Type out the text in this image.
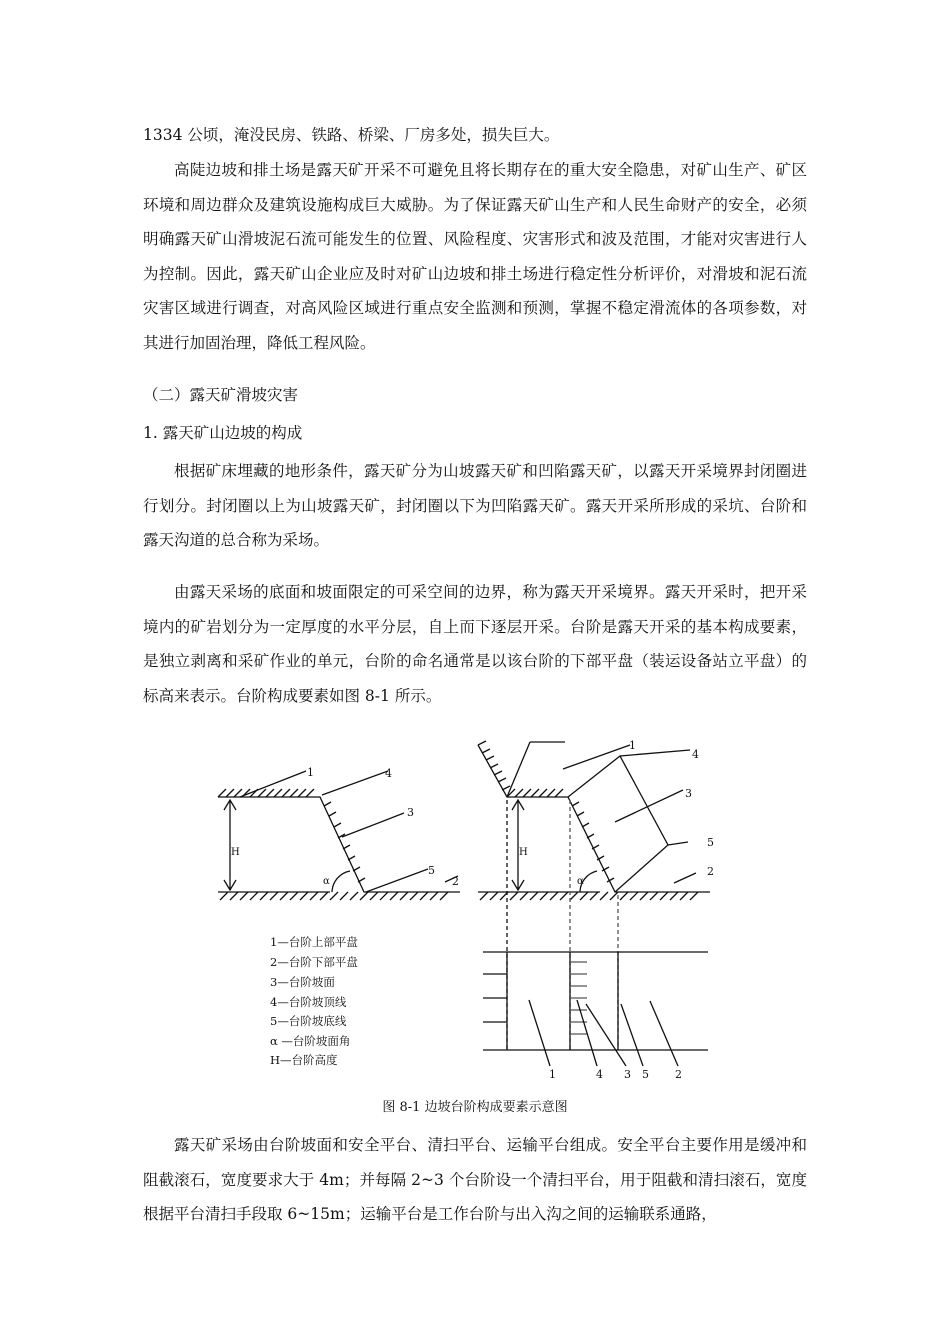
1334 公顷，淹没民房、铁路、桥梁、厂房多处，损失巨大。

高陡边坡和排土场是露天矿开采不可避免且将长期存在的重大安全隐患，对矿山生产、矿区环境和周边群众及建筑设施构成巨大威胁。为了保证露天矿山生产和人民生命财产的安全，必须明确露天矿山滑坡泥石流可能发生的位置、风险程度、灾害形式和波及范围，才能对灾害进行人为控制。因此，露天矿山企业应及时对矿山边坡和排土场进行稳定性分析评价，对滑坡和泥石流灾害区域进行调查，对高风险区域进行重点安全监测和预测，掌握不稳定滑流体的各项参数，对其进行加固治理，降低工程风险。

（二）露天矿滑坡灾害

1. 露天矿山边坡的构成

根据矿床埋藏的地形条件，露天矿分为山坡露天矿和凹陷露天矿，以露天开采境界封闭圈进行划分。封闭圈以上为山坡露天矿，封闭圈以下为凹陷露天矿。露天开采所形成的采坑、台阶和露天沟道的总合称为采场。

由露天采场的底面和坡面限定的可采空间的边界，称为露天开采境界。露天开采时，把开采境内的矿岩划分为一定厚度的水平分层，自上而下逐层开采。台阶是露天开采的基本构成要素，是独立剥离和采矿作业的单元，台阶的命名通常是以该台阶的下部平盘（装运设备站立平盘）的标高来表示。台阶构成要素如图 8-1 所示。

1	4
3
5
2
H
α
1
4
3
5
2
H
α
1	4 3 5 2
1—台阶上部平盘
2—台阶下部平盘
3—台阶坡面
4—台阶坡顶线
5—台阶坡底线
α —台阶坡面角
H—台阶高度
图 8-1 边坡台阶构成要素示意图

露天矿采场由台阶坡面和安全平台、清扫平台、运输平台组成。安全平台主要作用是缓冲和阻截滚石，宽度要求大于 4m；并每隔 2~3 个台阶设一个清扫平台，用于阻截和清扫滚石，宽度根据平台清扫手段取 6~15m；运输平台是工作台阶与出入沟之间的运输联系通路，
